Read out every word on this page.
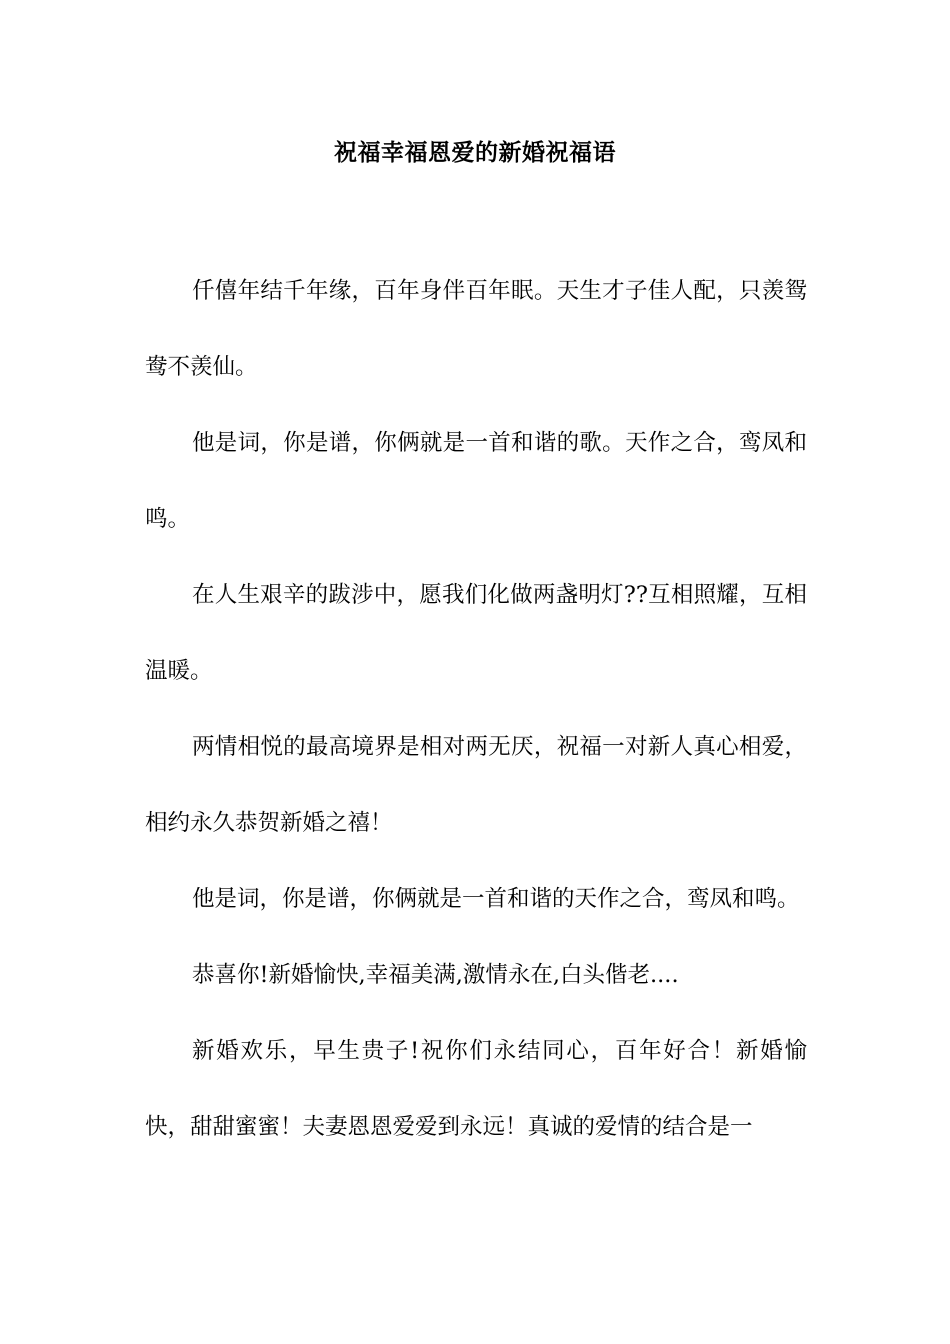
祝福幸福恩爱的新婚祝福语

仟僖年结千年缘，百年身伴百年眠。天生才子佳人配，只羡鸳鸯不羡仙。

他是词，你是谱，你俩就是一首和谐的歌。天作之合，鸾凤和鸣。

在人生艰辛的跋涉中，愿我们化做两盏明灯??互相照耀，互相温暖。

两情相悦的最高境界是相对两无厌，祝福一对新人真心相爱，相约永久恭贺新婚之禧！

他是词，你是谱，你俩就是一首和谐的天作之合，鸾凤和鸣。

恭喜你!新婚愉快,幸福美满,激情永在,白头偕老....

新婚欢乐，早生贵子!祝你们永结同心，百年好合！新婚愉快，甜甜蜜蜜！夫妻恩恩爱爱到永远！真诚的爱情的结合是一
